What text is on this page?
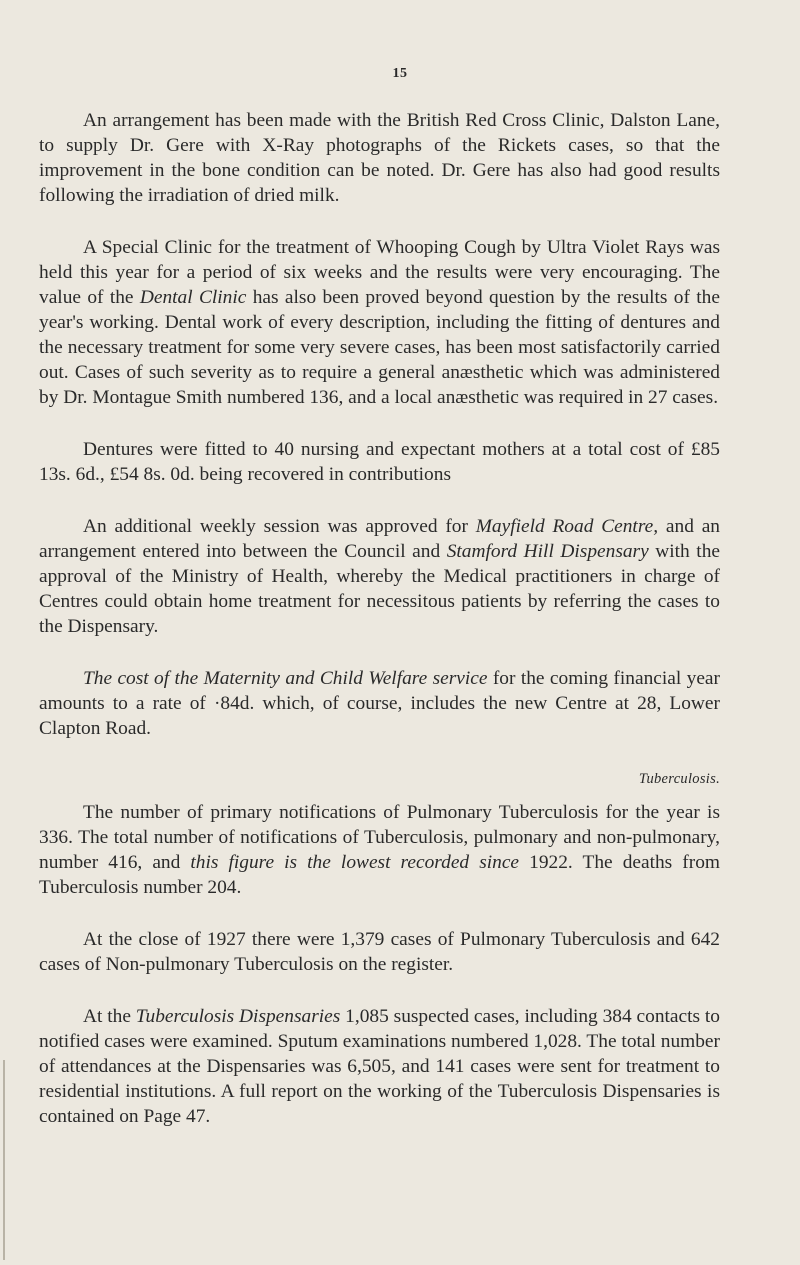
15

An arrangement has been made with the British Red Cross Clinic, Dalston Lane, to supply Dr. Gere with X-Ray photographs of the Rickets cases, so that the improvement in the bone condition can be noted. Dr. Gere has also had good results following the irradiation of dried milk.

A Special Clinic for the treatment of Whooping Cough by Ultra Violet Rays was held this year for a period of six weeks and the results were very encouraging. The value of the Dental Clinic has also been proved beyond question by the results of the year's working. Dental work of every description, including the fitting of dentures and the necessary treatment for some very severe cases, has been most satisfactorily carried out. Cases of such severity as to require a general anæsthetic which was administered by Dr. Montague Smith numbered 136, and a local anæsthetic was required in 27 cases.

Dentures were fitted to 40 nursing and expectant mothers at a total cost of £85 13s. 6d., £54 8s. 0d. being recovered in contributions

An additional weekly session was approved for Mayfield Road Centre, and an arrangement entered into between the Council and Stamford Hill Dispensary with the approval of the Ministry of Health, whereby the Medical practitioners in charge of Centres could obtain home treatment for necessitous patients by referring the cases to the Dispensary.

The cost of the Maternity and Child Welfare service for the coming financial year amounts to a rate of ·84d. which, of course, includes the new Centre at 28, Lower Clapton Road.

Tuberculosis.

The number of primary notifications of Pulmonary Tuberculosis for the year is 336. The total number of notifications of Tuberculosis, pulmonary and non-pulmonary, number 416, and this figure is the lowest recorded since 1922. The deaths from Tuberculosis number 204.

At the close of 1927 there were 1,379 cases of Pulmonary Tuberculosis and 642 cases of Non-pulmonary Tuberculosis on the register.

At the Tuberculosis Dispensaries 1,085 suspected cases, including 384 contacts to notified cases were examined. Sputum examinations numbered 1,028. The total number of attendances at the Dispensaries was 6,505, and 141 cases were sent for treatment to residential institutions. A full report on the working of the Tuberculosis Dispensaries is contained on Page 47.
